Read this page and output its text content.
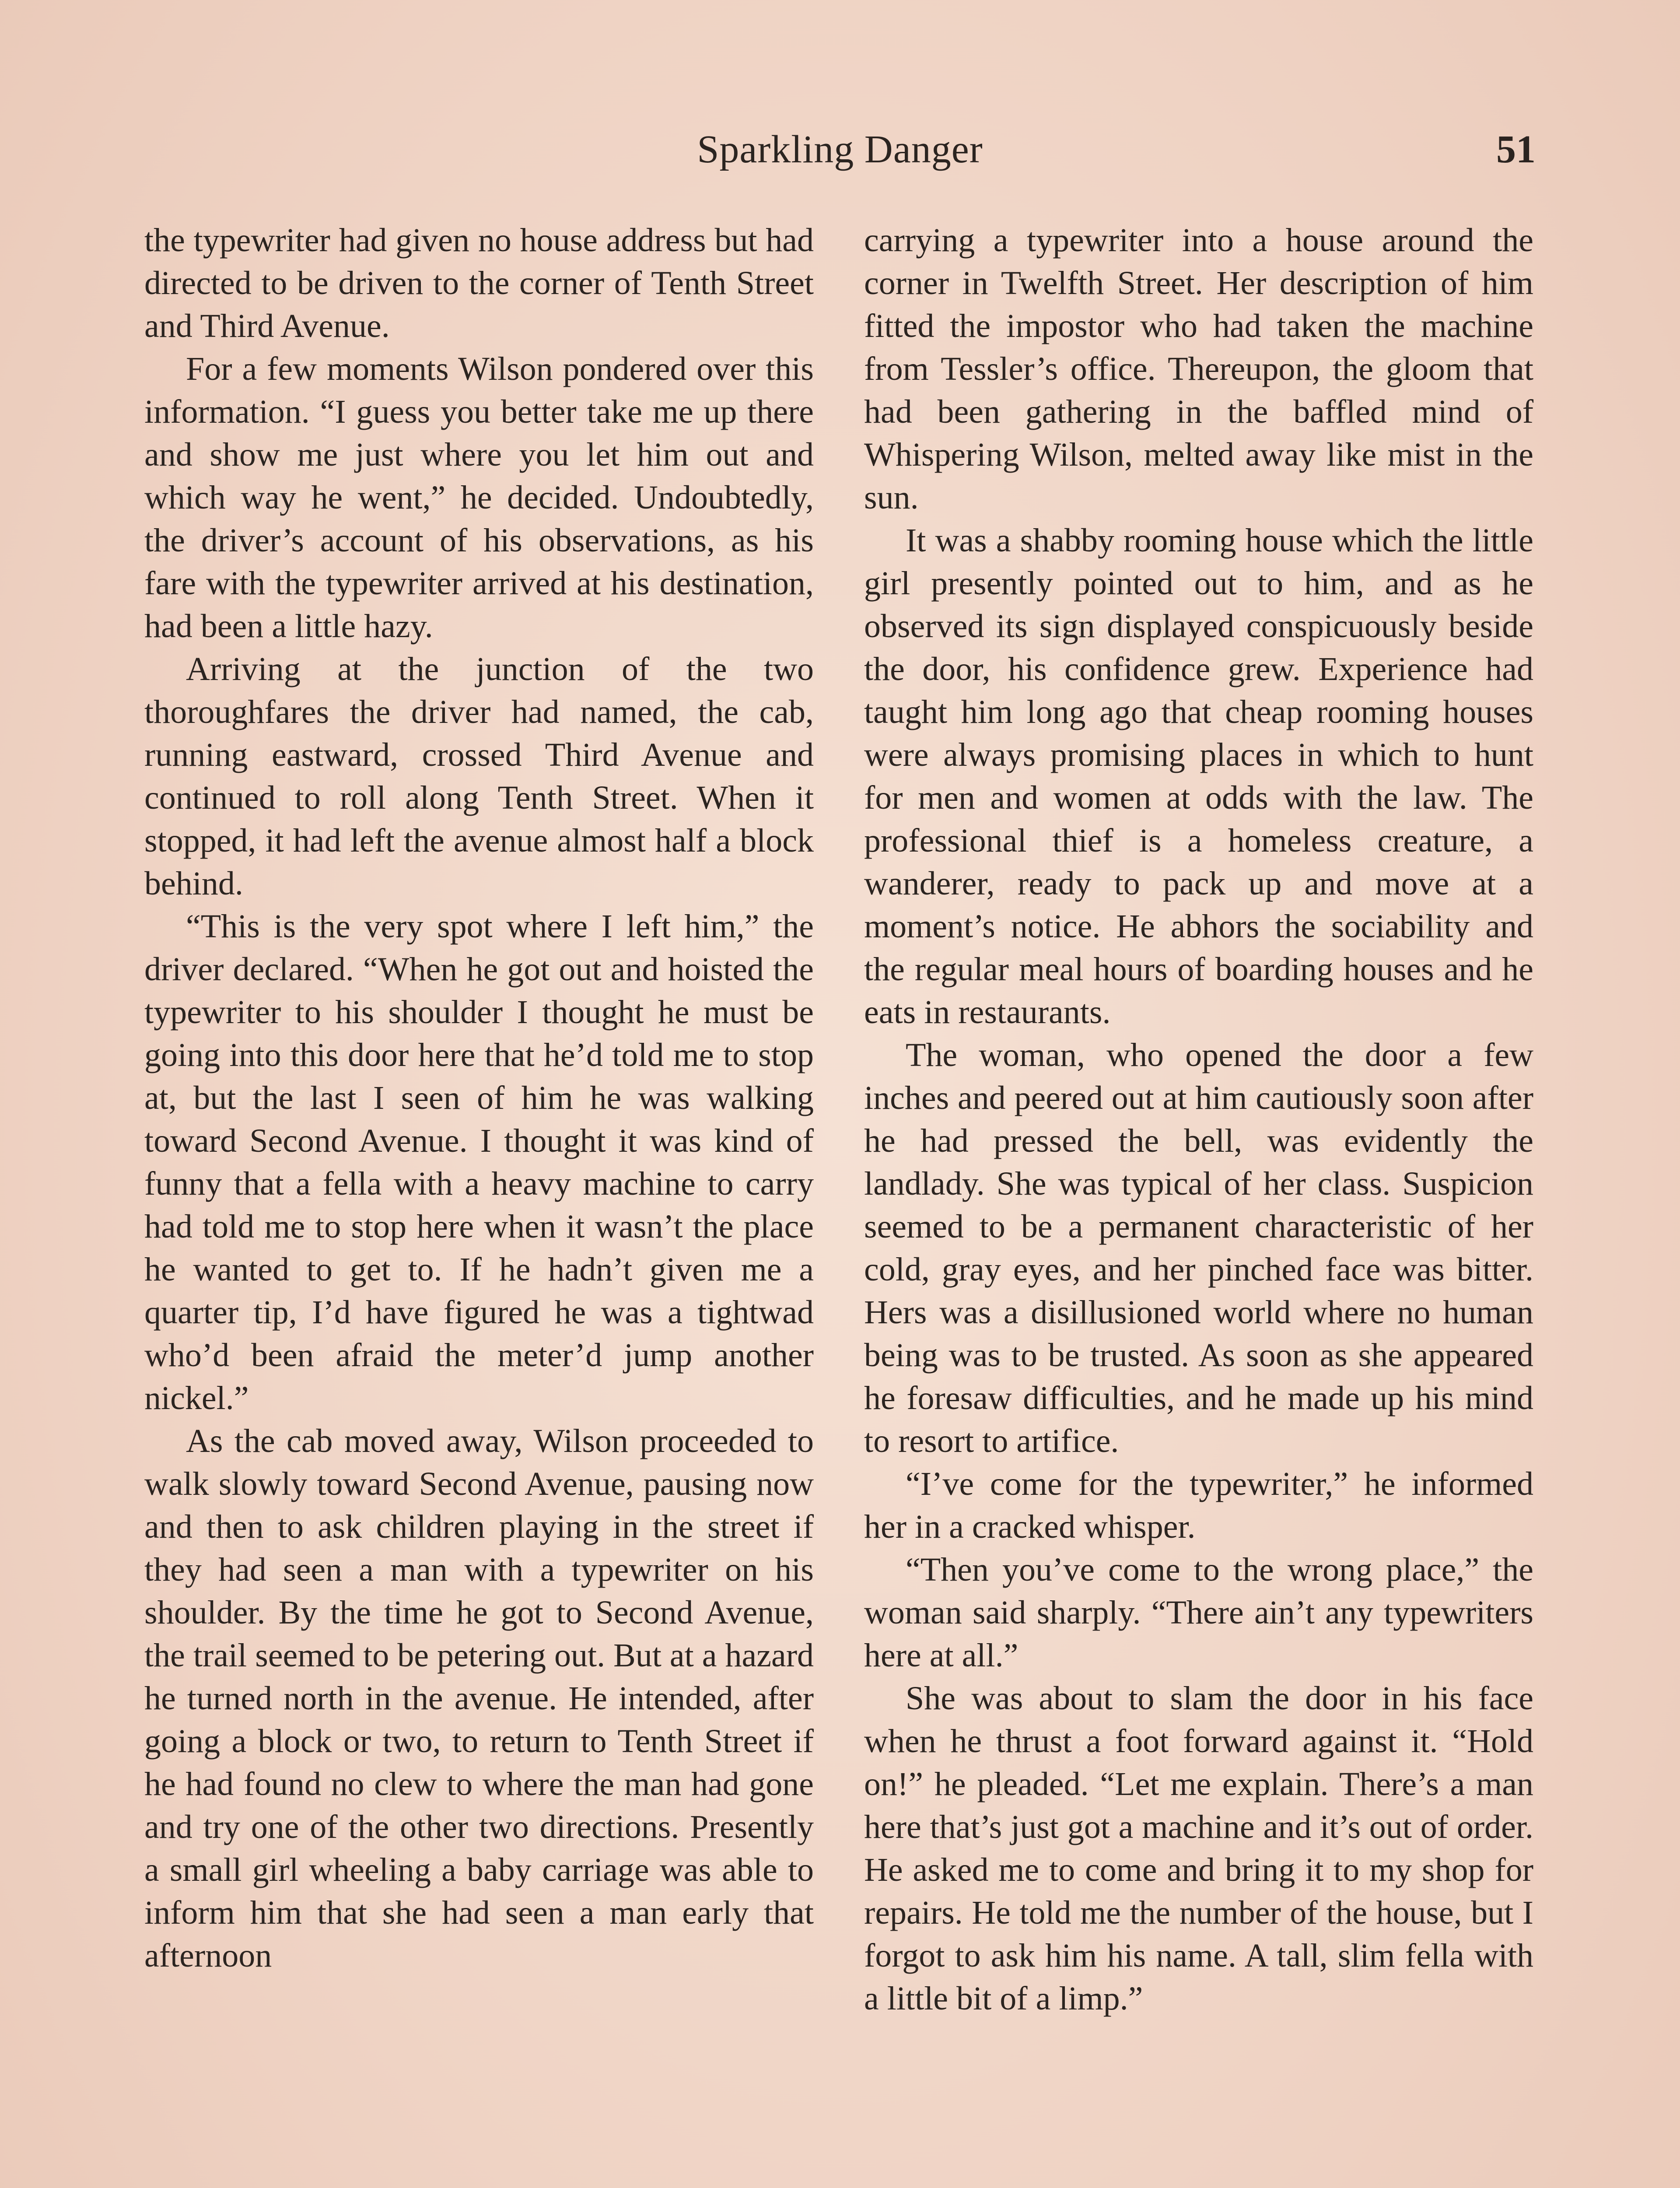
Sparkling Danger	51

the typewriter had given no house address but had directed to be driven to the corner of Tenth Street and Third Avenue.

For a few moments Wilson pondered over this information. “I guess you better take me up there and show me just where you let him out and which way he went,” he decided. Undoubtedly, the driver’s account of his observations, as his fare with the typewriter arrived at his destination, had been a little hazy.

Arriving at the junction of the two thoroughfares the driver had named, the cab, running eastward, crossed Third Avenue and continued to roll along Tenth Street. When it stopped, it had left the avenue almost half a block behind.

“This is the very spot where I left him,” the driver declared. “When he got out and hoisted the typewriter to his shoulder I thought he must be going into this door here that he’d told me to stop at, but the last I seen of him he was walking toward Second Avenue. I thought it was kind of funny that a fella with a heavy machine to carry had told me to stop here when it wasn’t the place he wanted to get to. If he hadn’t given me a quarter tip, I’d have figured he was a tightwad who’d been afraid the meter’d jump another nickel.”

As the cab moved away, Wilson proceeded to walk slowly toward Second Avenue, pausing now and then to ask children playing in the street if they had seen a man with a typewriter on his shoulder. By the time he got to Second Avenue, the trail seemed to be petering out. But at a hazard he turned north in the avenue. He intended, after going a block or two, to return to Tenth Street if he had found no clew to where the man had gone and try one of the other two directions. Presently a small girl wheeling a baby carriage was able to inform him that she had seen a man early that afternoon

carrying a typewriter into a house around the corner in Twelfth Street. Her description of him fitted the impostor who had taken the machine from Tessler’s office. Thereupon, the gloom that had been gathering in the baffled mind of Whispering Wilson, melted away like mist in the sun.

It was a shabby rooming house which the little girl presently pointed out to him, and as he observed its sign displayed conspicuously beside the door, his confidence grew. Experience had taught him long ago that cheap rooming houses were always promising places in which to hunt for men and women at odds with the law. The professional thief is a homeless creature, a wanderer, ready to pack up and move at a moment’s notice. He abhors the sociability and the regular meal hours of boarding houses and he eats in restaurants.

The woman, who opened the door a few inches and peered out at him cautiously soon after he had pressed the bell, was evidently the landlady. She was typical of her class. Suspicion seemed to be a permanent characteristic of her cold, gray eyes, and her pinched face was bitter. Hers was a disillusioned world where no human being was to be trusted. As soon as she appeared he foresaw difficulties, and he made up his mind to resort to artifice.

“I’ve come for the typewriter,” he informed her in a cracked whisper.

“Then you’ve come to the wrong place,” the woman said sharply. “There ain’t any typewriters here at all.”

She was about to slam the door in his face when he thrust a foot forward against it. “Hold on!” he pleaded. “Let me explain. There’s a man here that’s just got a machine and it’s out of order. He asked me to come and bring it to my shop for repairs. He told me the number of the house, but I forgot to ask him his name. A tall, slim fella with a little bit of a limp.”
